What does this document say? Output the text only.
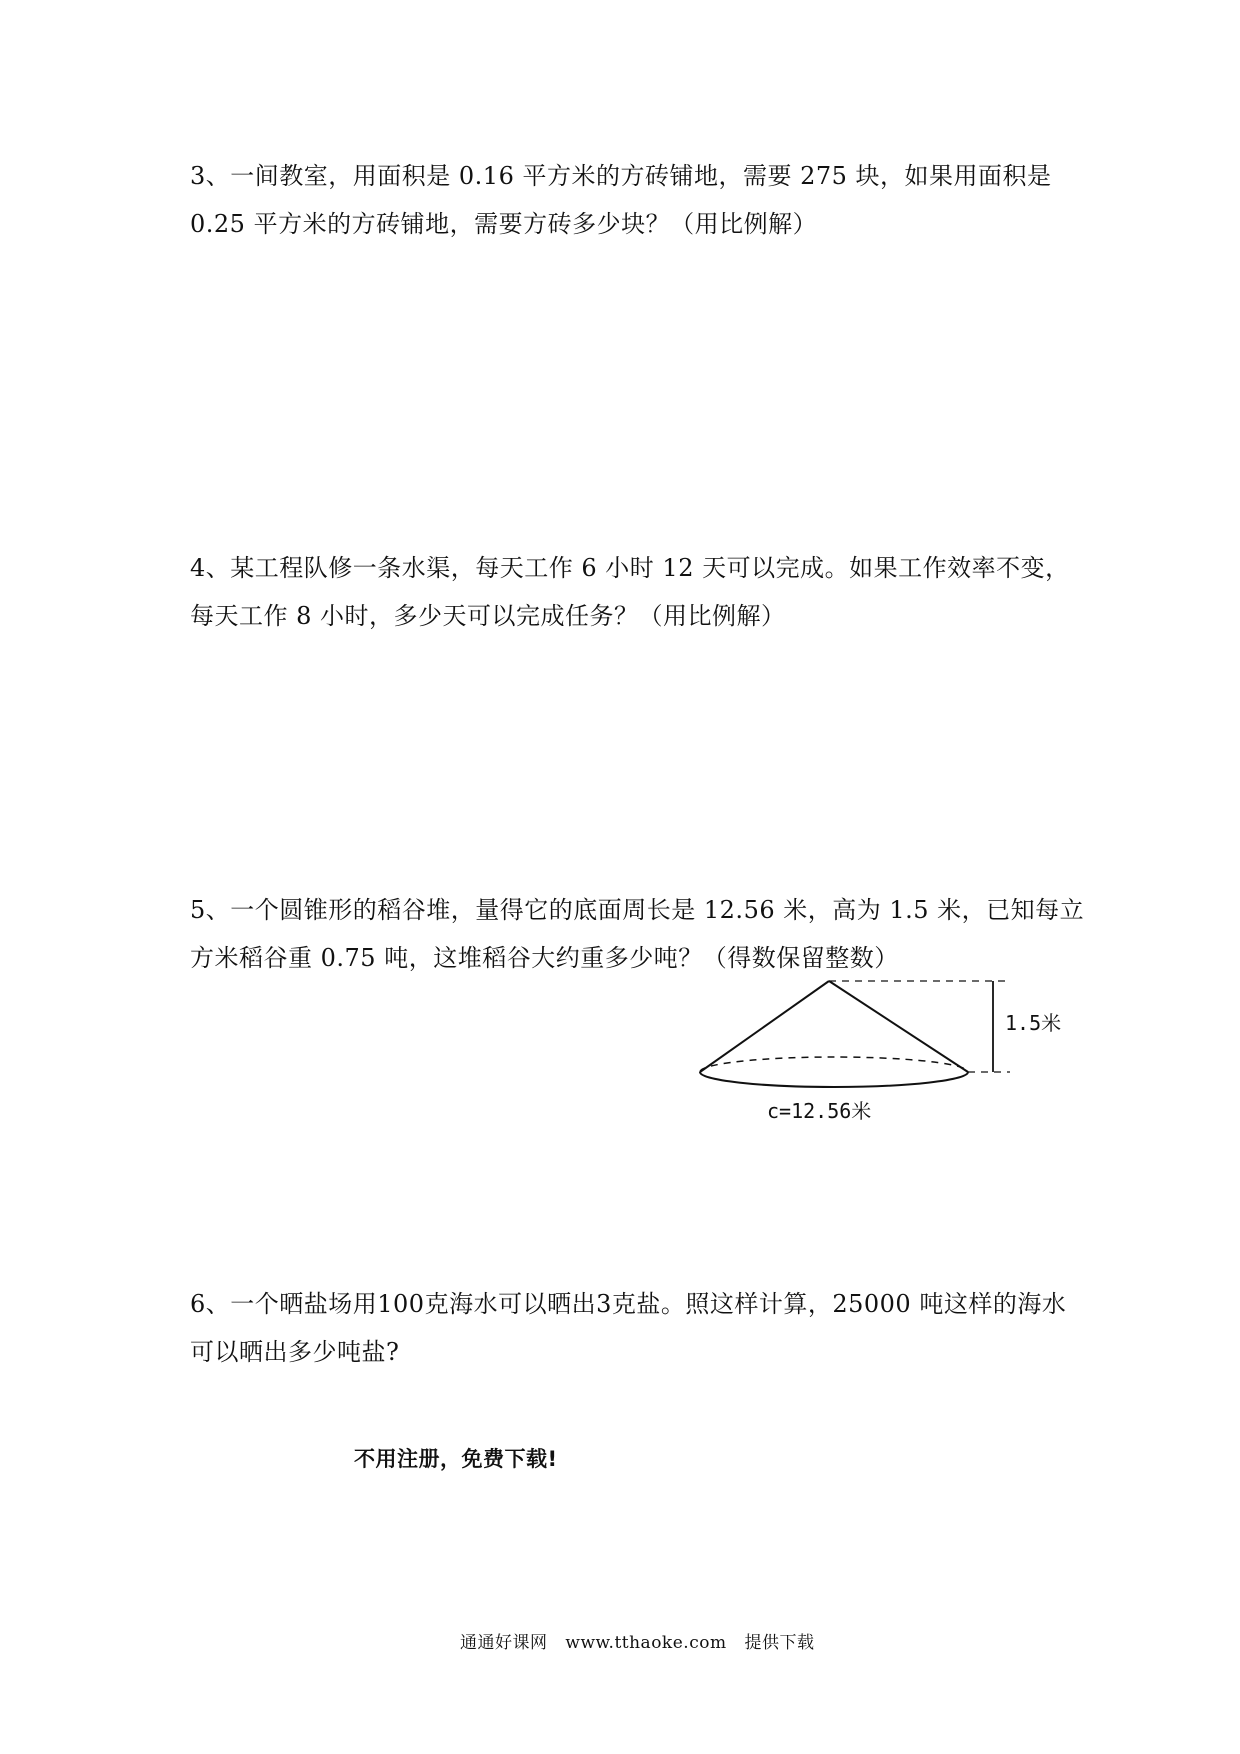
3、一间教室，用面积是 0.16 平方米的方砖铺地，需要 275 块，如果用面积是
0.25 平方米的方砖铺地，需要方砖多少块？（用比例解）
4、某工程队修一条水渠，每天工作 6 小时 12 天可以完成。如果工作效率不变，
每天工作 8 小时，多少天可以完成任务？（用比例解）
5、一个圆锥形的稻谷堆，量得它的底面周长是 12.56 米，高为 1.5 米，已知每立
方米稻谷重 0.75 吨，这堆稻谷大约重多少吨？（得数保留整数）
1.5米
c=12.56米
6、一个晒盐场用100克海水可以晒出3克盐。照这样计算，25000 吨这样的海水
可以晒出多少吨盐?
不用注册，免费下载!
通通好课网 www.tthaoke.com 提供下载
